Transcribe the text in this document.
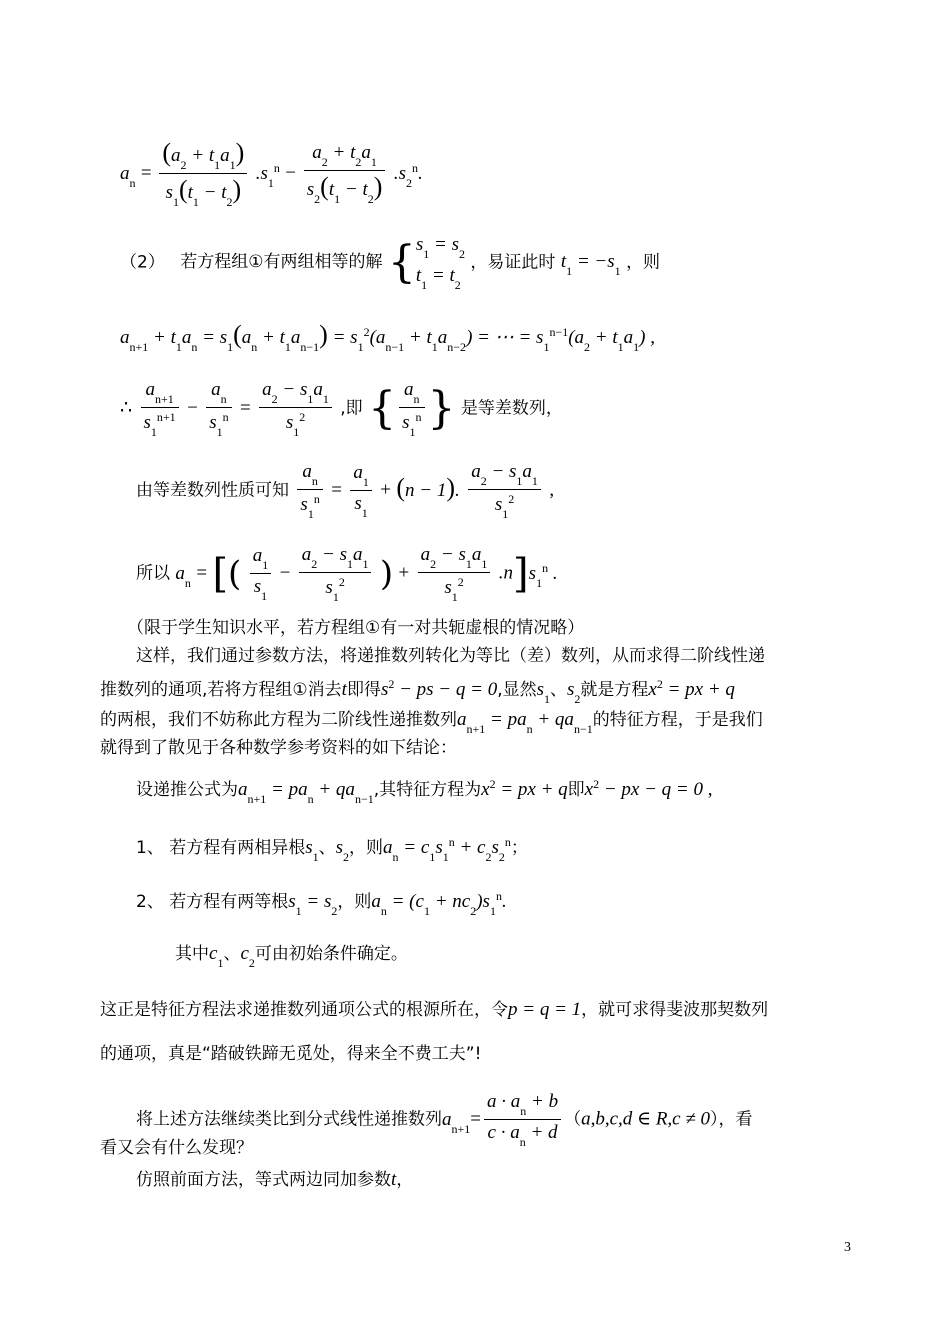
$a_n = \frac{(a_2 + t_1a_1)}{s_1(t_1 - t_2)} .s_1^n - \frac{a_2 + t_2a_1}{s_2(t_1 - t_2)} .s_2^n$.
（2） 若方程组①有两组相等的解 { $s_1 = s_2$
$t_1 = t_2$
，易证此时 $t_1 = -s_1$ ，则
$a_{n+1} + t_1a_n = s_1(a_n + t_1a_{n-1}) = s_1^2(a_{n-1} + t_1a_{n-2})$ = ⋯ = $s_1^{n-1}(a_2 + t_1a_1)$ ,
∴ $\frac{a_{n+1}}{s_1^{n+1}} - \frac{a_n}{s_1^n} = \frac{a_2 - s_1a_1}{s_1^2}$ ,即 { $\frac{a_n}{s_1^n}$ } 是等差数列，
由等差数列性质可知 $\frac{a_n}{s_1^n} = \frac{a_1}{s_1} + (n - 1)$. $\frac{a_2 - s_1a_1}{s_1^2}$ ,
所以 $a_n$ = [( $\frac{a_1}{s_1} - \frac{a_2 - s_1a_1}{s_1^2}$ ) + $\frac{a_2 - s_1a_1}{s_1^2} .n]s_1^n$ .
（限于学生知识水平，若方程组①有一对共轭虚根的情况略）
这样，我们通过参数方法，将递推数列转化为等比（差）数列，从而求得二阶线性递
推数列的通项,若将方程组①消去t即得$s^2$ − ps − q = 0,显然$s_1$、$s_2$就是方程$x^2$ = px + q
的两根，我们不妨称此方程为二阶线性递推数列$a_{n+1} = pa_n + qa_{n-1}$的特征方程，于是我们
就得到了散见于各种数学参考资料的如下结论：
设递推公式为$a_{n+1} = pa_n + qa_{n-1}$,其特征方程为$x^2$ = px + q即$x^2$ − px − q = 0 ,
1、 若方程有两相异根$s_1$、$s_2$，则$a_n = c_1s_1^n + c_2s_2^n$；
2、 若方程有两等根$s_1 = s_2$，则$a_n = (c_1 + nc_2)s_1^n$.
其中$c_1$、$c_2$可由初始条件确定。
这正是特征方程法求递推数列通项公式的根源所在，令p = q = 1，就可求得斐波那契数列
的通项，真是“踏破铁蹄无觅处，得来全不费工夫”!
将上述方法继续类比到分式线性递推数列$a_{n+1}= \frac{a \cdot a_n + b}{c \cdot a_n + d} (a,b,c,d$ ∈ R,c ≠ 0），看
看又会有什么发现？
仿照前面方法，等式两边同加参数t，
3
